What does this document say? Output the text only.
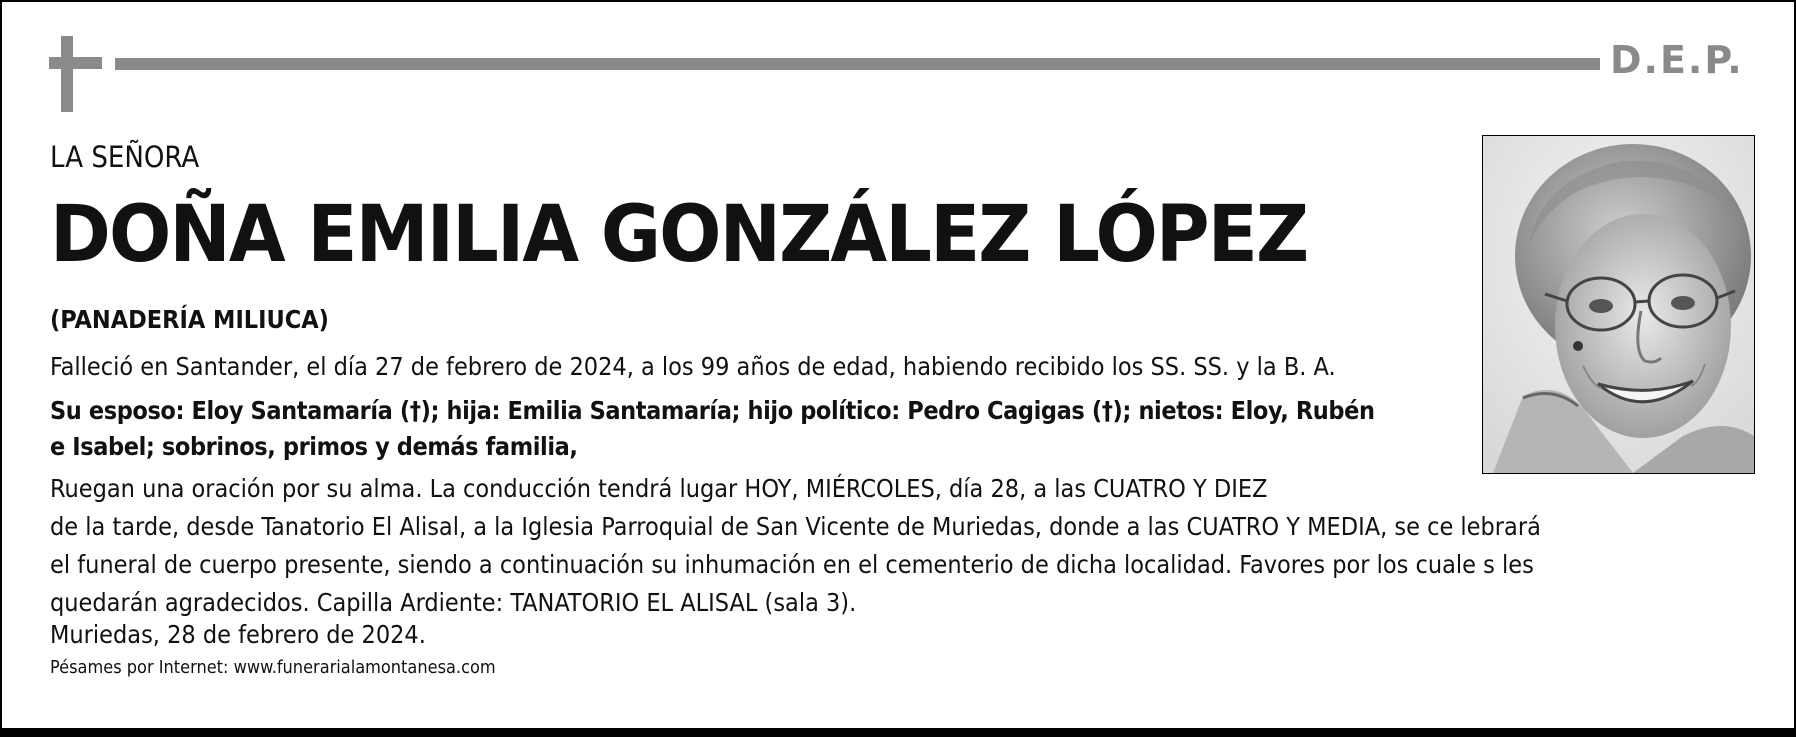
D.E.P.
LA SEÑORA
DOÑA EMILIA GONZÁLEZ LÓPEZ
(PANADERÍA MILIUCA)
Falleció en Santander, el día 27 de febrero de 2024, a los 99 años de edad, habiendo recibido los SS. SS. y la B. A.
Su esposo: Eloy Santamaría (†); hija: Emilia Santamaría; hijo político: Pedro Cagigas (†); nietos: Eloy, Rubén
e Isabel; sobrinos, primos y demás familia,
Ruegan una oración por su alma. La conducción tendrá lugar HOY, MIÉRCOLES, día 28, a las CUATRO Y DIEZ
de la tarde, desde Tanatorio El Alisal, a la Iglesia Parroquial de San Vicente de Muriedas, donde a las CUATRO Y MEDIA, se ce lebrará
el funeral de cuerpo presente, siendo a continuación su inhumación en el cementerio de dicha localidad. Favores por los cuale s les
quedarán agradecidos. Capilla Ardiente: TANATORIO EL ALISAL (sala 3).
Muriedas, 28 de febrero de 2024.
Pésames por Internet: www.funerarialamontanesa.com
